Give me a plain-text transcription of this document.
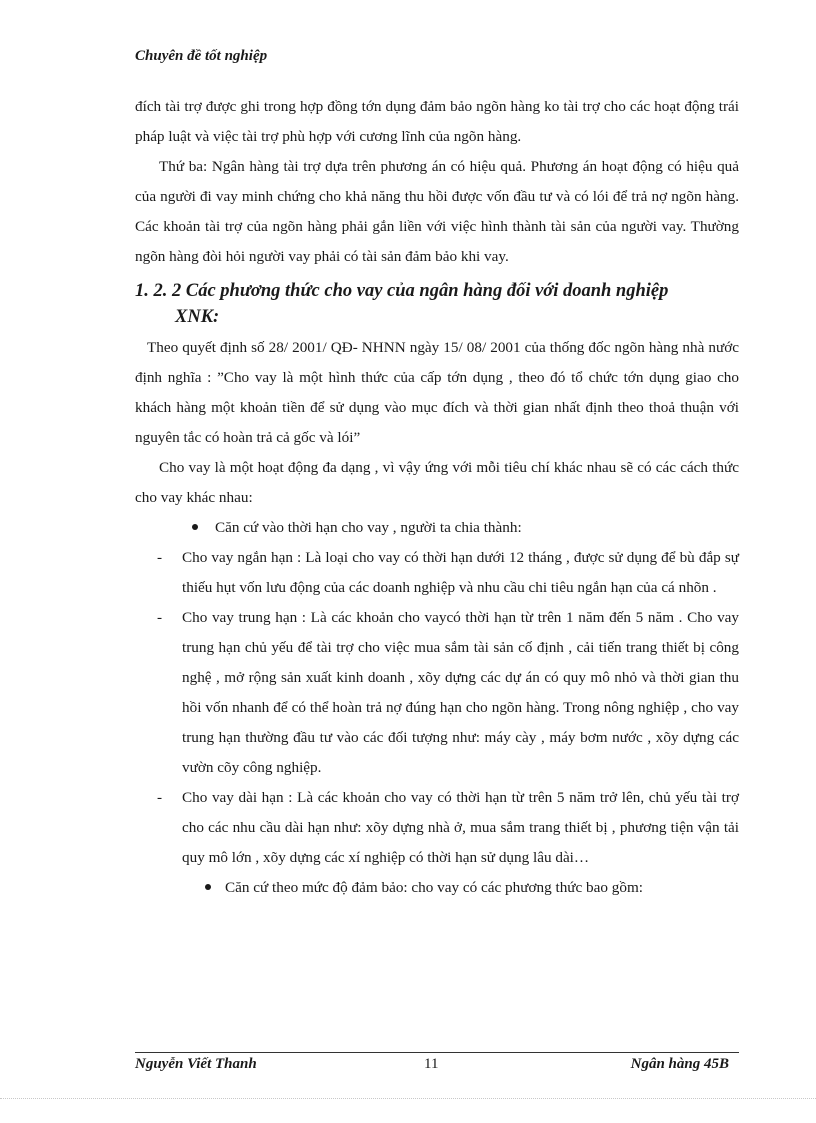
Chuyên đề tốt nghiệp

đích tài trợ được ghi trong hợp đồng tớn dụng đảm bảo ngõn hàng ko tài trợ cho các hoạt động trái pháp luật và việc tài trợ phù hợp với cương lĩnh của ngõn hàng.

Thứ ba: Ngân hàng tài trợ dựa trên phương án có hiệu quả. Phương án hoạt động có hiệu quả của người đi vay minh chứng cho khả năng thu hồi được vốn đầu tư và có lói để trả nợ ngõn hàng. Các khoản tài trợ của ngõn hàng phải gắn liền với việc hình thành tài sản của người vay. Thường ngõn hàng đòi hỏi người vay phải có tài sản đảm bảo khi vay.

1. 2. 2 Các phương thức cho vay của ngân hàng đối với doanh nghiệp
XNK:

Theo quyết định số 28/ 2001/ QĐ- NHNN ngày 15/ 08/ 2001 của thống đốc ngõn hàng nhà nước định nghĩa : ”Cho vay là một hình thức của cấp tớn dụng , theo đó tổ chức tớn dụng giao cho khách hàng một khoản tiền để sử dụng vào mục đích và thời gian nhất định theo thoả thuận với nguyên tắc có hoàn trả cả gốc và lói”

Cho vay là một hoạt động đa dạng , vì vậy ứng với mỗi tiêu chí khác nhau sẽ có các cách thức cho vay khác nhau:

Căn cứ vào thời hạn cho vay , người ta chia thành:
- Cho vay ngắn hạn : Là loại cho vay có thời hạn dưới 12 tháng , được sử dụng để bù đắp sự thiếu hụt vốn lưu động của các doanh nghiệp và nhu cầu chi tiêu ngắn hạn của cá nhõn .
- Cho vay trung hạn : Là các khoản cho vaycó thời hạn từ trên 1 năm đến 5 năm . Cho vay trung hạn chủ yếu để tài trợ cho việc mua sắm tài sản cố định , cải tiến trang thiết bị công nghệ , mở rộng sản xuất kinh doanh , xõy dựng các dự án có quy mô nhỏ và thời gian thu hồi vốn nhanh để có thể hoàn trả nợ đúng hạn cho ngõn hàng. Trong nông nghiệp , cho vay trung hạn thường đầu tư vào các đối tượng như: máy cày , máy bơm nước , xõy dựng các vườn cõy công nghiệp.
- Cho vay dài hạn : Là các khoản cho vay có thời hạn từ trên 5 năm trở lên, chủ yếu tài trợ cho các nhu cầu dài hạn như: xõy dựng nhà ở, mua sắm trang thiết bị , phương tiện vận tải quy mô lớn , xõy dựng các xí nghiệp có thời hạn sử dụng lâu dài…
Căn cứ theo mức độ đảm bảo: cho vay có các phương thức bao gồm:
Nguyễn Viết Thanh	11	Ngân hàng 45B
